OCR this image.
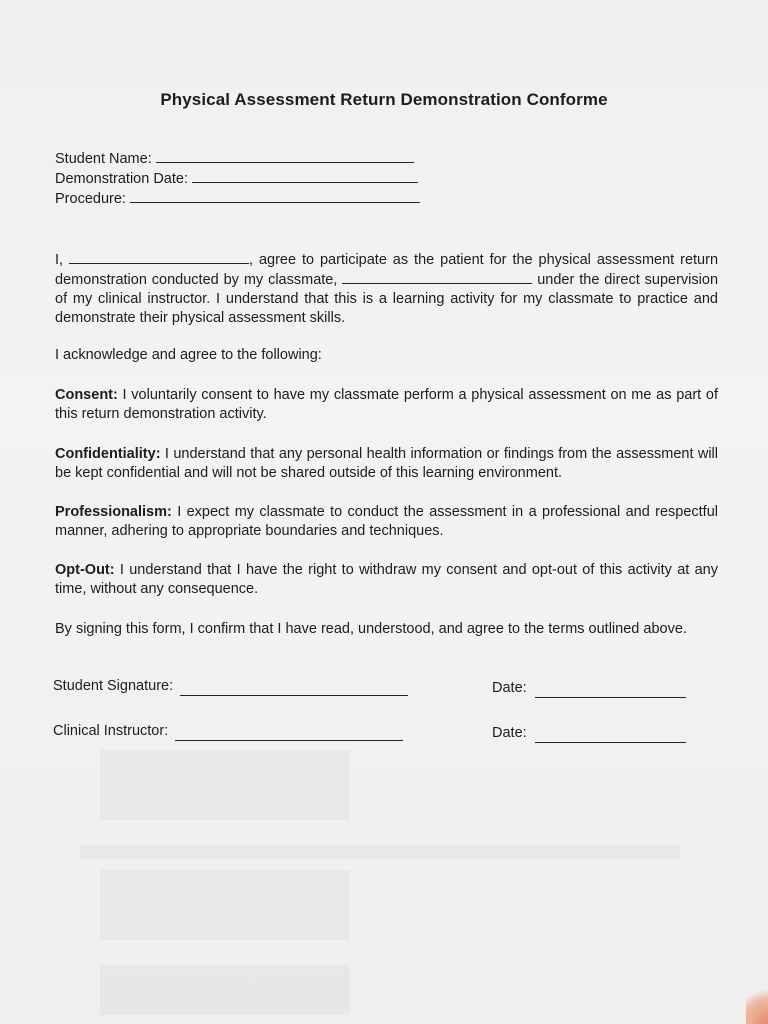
Physical Assessment Return Demonstration Conforme
Student Name:
Demonstration Date:
Procedure:
I,	, agree to participate as the patient for the physical assessment return demonstration conducted by my classmate,	under the direct supervision of my clinical instructor. I understand that this is a learning activity for my classmate to practice and demonstrate their physical assessment skills.
I acknowledge and agree to the following:
Consent: I voluntarily consent to have my classmate perform a physical assessment on me as part of this return demonstration activity.
Confidentiality: I understand that any personal health information or findings from the assessment will be kept confidential and will not be shared outside of this learning environment.
Professionalism: I expect my classmate to conduct the assessment in a professional and respectful manner, adhering to appropriate boundaries and techniques.
Opt-Out: I understand that I have the right to withdraw my consent and opt-out of this activity at any time, without any consequence.
By signing this form, I confirm that I have read, understood, and agree to the terms outlined above.
Student Signature:	Date:
Clinical Instructor:	Date:
